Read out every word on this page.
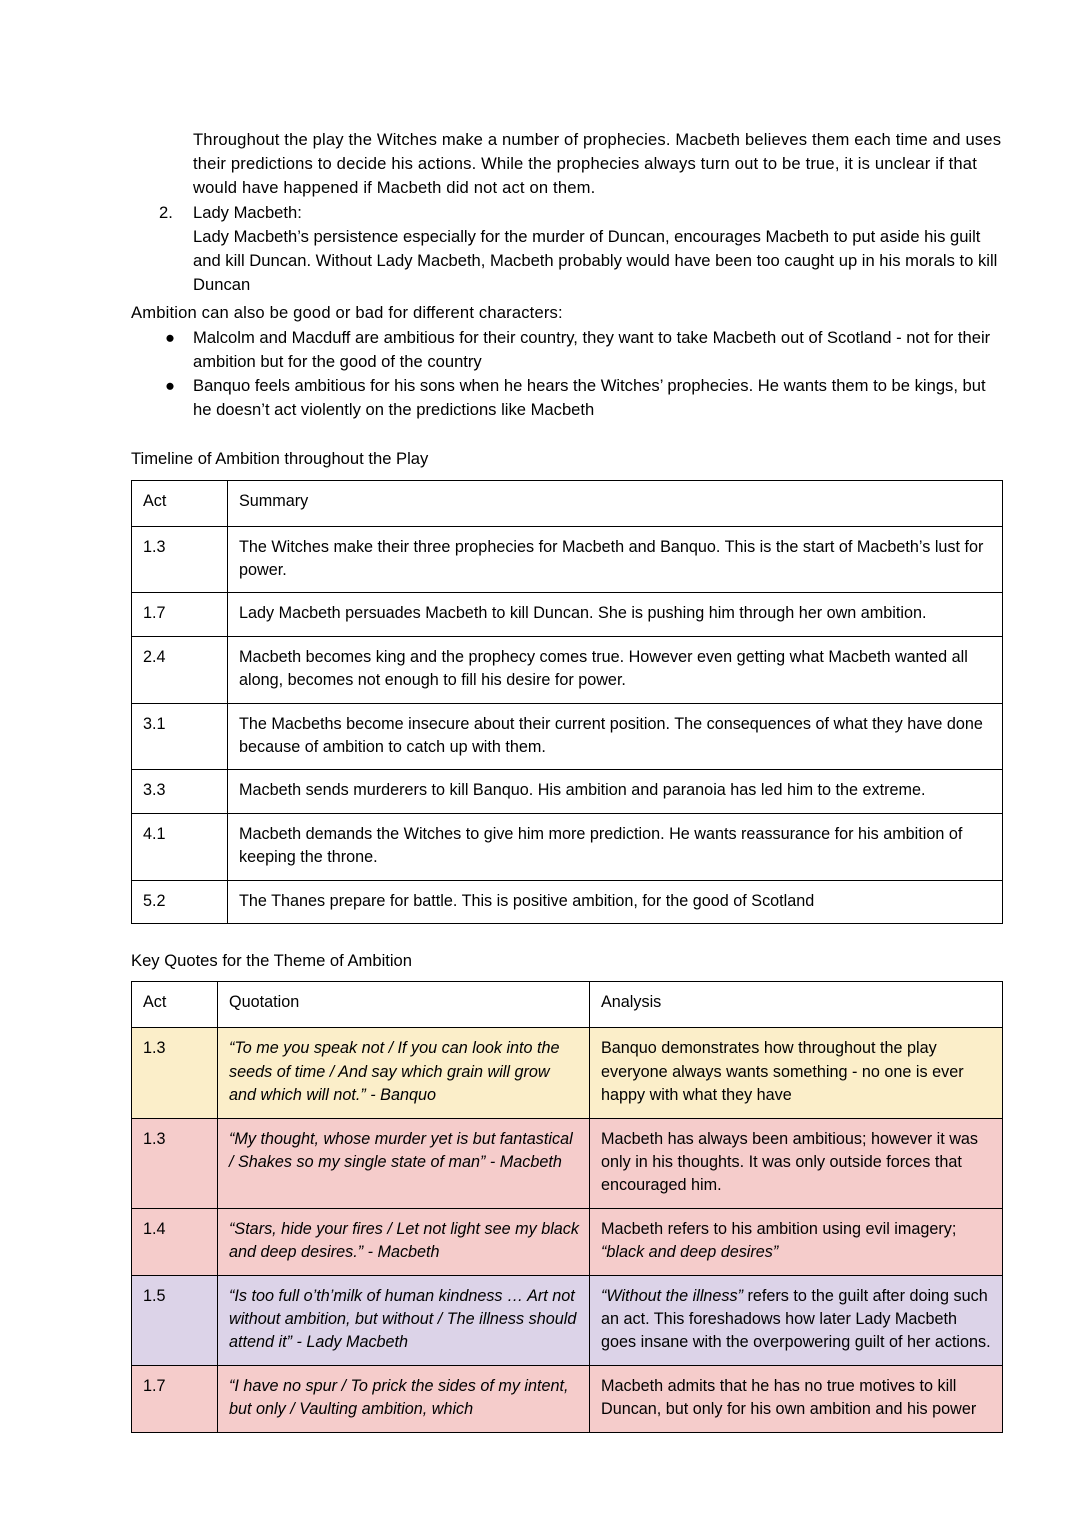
Throughout the play the Witches make a number of prophecies. Macbeth believes them each time and uses their predictions to decide his actions. While the prophecies always turn out to be true, it is unclear if that would have happened if Macbeth did not act on them.
2. Lady Macbeth:
Lady Macbeth’s persistence especially for the murder of Duncan, encourages Macbeth to put aside his guilt and kill Duncan. Without Lady Macbeth, Macbeth probably would have been too caught up in his morals to kill Duncan
Ambition can also be good or bad for different characters:
● Malcolm and Macduff are ambitious for their country, they want to take Macbeth out of Scotland - not for their ambition but for the good of the country
● Banquo feels ambitious for his sons when he hears the Witches’ prophecies. He wants them to be kings, but he doesn’t act violently on the predictions like Macbeth
Timeline of Ambition throughout the Play
Act	Summary
1.3	The Witches make their three prophecies for Macbeth and Banquo. This is the start of Macbeth’s lust for power.
1.7	Lady Macbeth persuades Macbeth to kill Duncan. She is pushing him through her own ambition.
2.4	Macbeth becomes king and the prophecy comes true. However even getting what Macbeth wanted all along, becomes not enough to fill his desire for power.
3.1	The Macbeths become insecure about their current position. The consequences of what they have done because of ambition to catch up with them.
3.3	Macbeth sends murderers to kill Banquo. His ambition and paranoia has led him to the extreme.
4.1	Macbeth demands the Witches to give him more prediction. He wants reassurance for his ambition of keeping the throne.
5.2	The Thanes prepare for battle. This is positive ambition, for the good of Scotland
Key Quotes for the Theme of Ambition
Act	Quotation	Analysis
1.3	“To me you speak not / If you can look into the seeds of time / And say which grain will grow and which will not.” - Banquo	Banquo demonstrates how throughout the play everyone always wants something - no one is ever happy with what they have
1.3	“My thought, whose murder yet is but fantastical / Shakes so my single state of man” - Macbeth	Macbeth has always been ambitious; however it was only in his thoughts. It was only outside forces that encouraged him.
1.4	“Stars, hide your fires / Let not light see my black and deep desires.” - Macbeth	Macbeth refers to his ambition using evil imagery; “black and deep desires”
1.5	“Is too full o’th’milk of human kindness … Art not without ambition, but without / The illness should attend it” - Lady Macbeth	“Without the illness” refers to the guilt after doing such an act. This foreshadows how later Lady Macbeth goes insane with the overpowering guilt of her actions.
1.7	“I have no spur / To prick the sides of my intent, but only / Vaulting ambition, which	Macbeth admits that he has no true motives to kill Duncan, but only for his own ambition and his power
